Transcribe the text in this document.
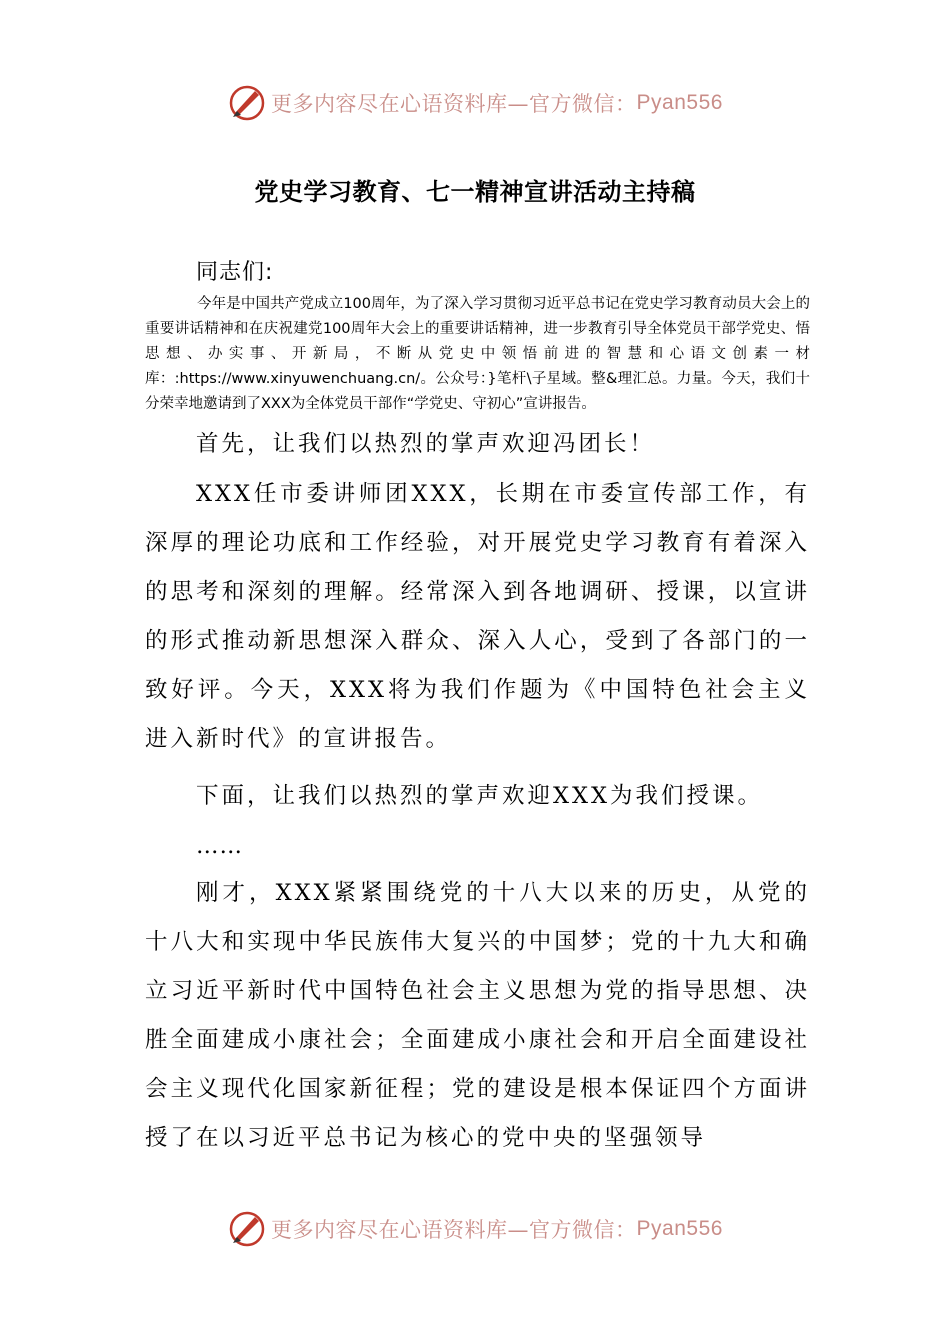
更多内容尽在心语资料库—官方微信： Pyan556
党史学习教育、七一精神宣讲活动主持稿
同志们:

今年是中国共产党成立100周年，为了深入学习贯彻习近平总书记在党史学习教育动员大会上的重要讲话精神和在庆祝建党100周年大会上的重要讲话精神，进一步教育引导全体党员干部学党史、悟思想、办实事、开新局，不断从党史中领悟前进的智慧和心语文创素一材库：:https://www.xinyuwenchuang.cn/。公众号：}笔杆\子星域。整&理汇总。力量。今天，我们十分荣幸地邀请到了XXX为全体党员干部作“学党史、守初心”宣讲报告。

首先，让我们以热烈的掌声欢迎冯团长！

XXX任市委讲师团XXX，长期在市委宣传部工作，有深厚的理论功底和工作经验，对开展党史学习教育有着深入的思考和深刻的理解。经常深入到各地调研、授课，以宣讲的形式推动新思想深入群众、深入人心，受到了各部门的一致好评。今天，XXX将为我们作题为《中国特色社会主义进入新时代》的宣讲报告。

下面，让我们以热烈的掌声欢迎XXX为我们授课。

……

刚才，XXX紧紧围绕党的十八大以来的历史，从党的十八大和实现中华民族伟大复兴的中国梦；党的十九大和确立习近平新时代中国特色社会主义思想为党的指导思想、决胜全面建成小康社会；全面建成小康社会和开启全面建设社会主义现代化国家新征程；党的建设是根本保证四个方面讲授了在以习近平总书记为核心的党中央的坚强领导

更多内容尽在心语资料库—官方微信： Pyan556
